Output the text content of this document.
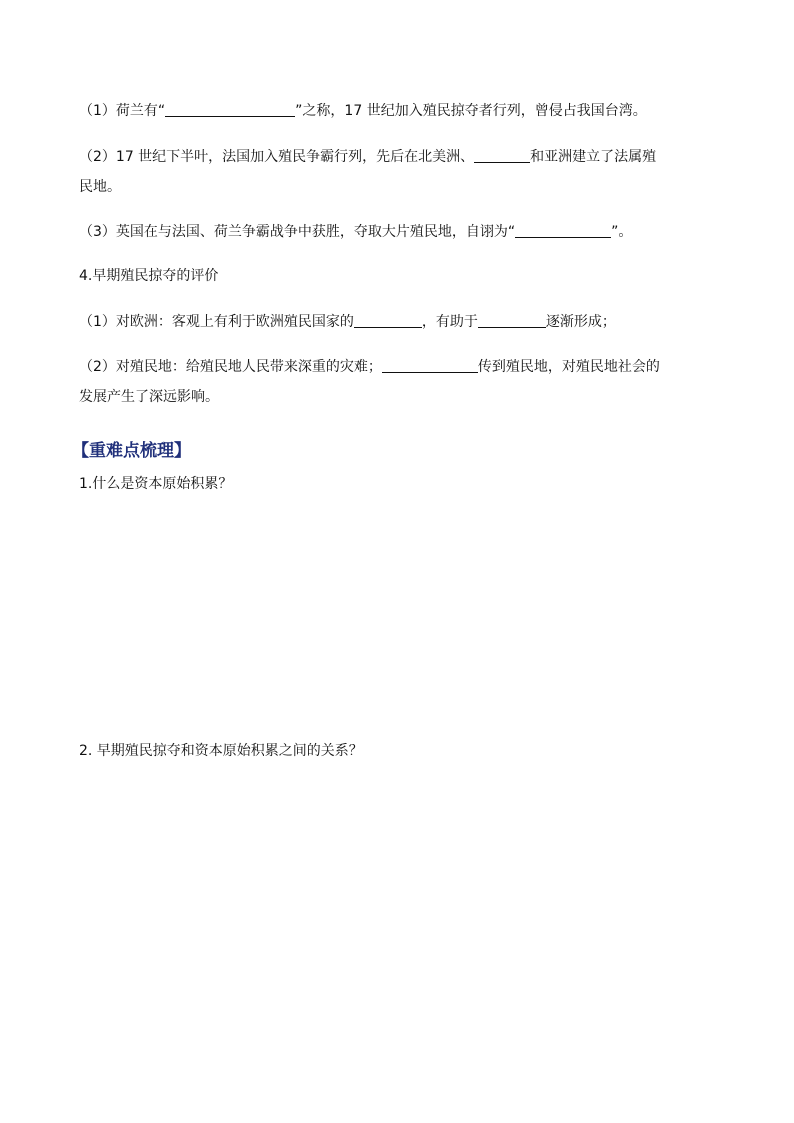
（1）荷兰有“	”之称，17 世纪加入殖民掠夺者行列，曾侵占我国台湾。

（2）17 世纪下半叶，法国加入殖民争霸行列，先后在北美洲、	和亚洲建立了法属殖

民地。

（3）英国在与法国、荷兰争霸战争中获胜，夺取大片殖民地，自诩为“	”。

4.早期殖民掠夺的评价

（1）对欧洲：客观上有利于欧洲殖民国家的	，有助于	逐渐形成；

（2）对殖民地：给殖民地人民带来深重的灾难；	传到殖民地，对殖民地社会的

发展产生了深远影响。

【重难点梳理】

1.什么是资本原始积累？

2. 早期殖民掠夺和资本原始积累之间的关系？
